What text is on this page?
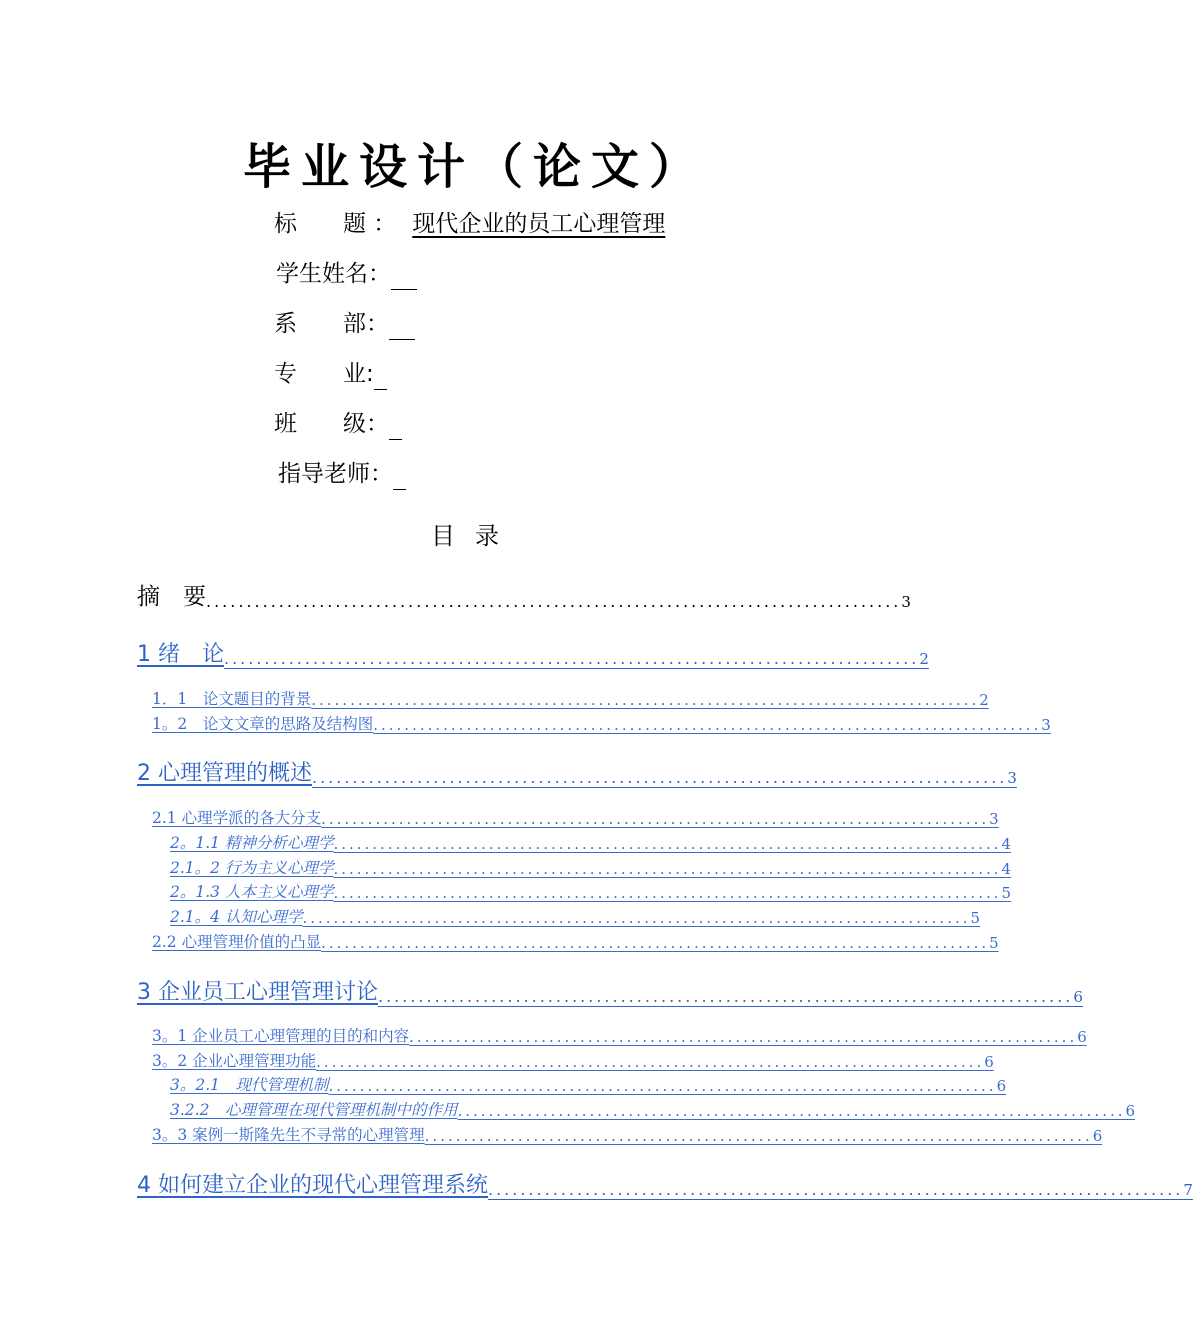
毕业设计（论文）
标　　题 ：现代企业的员工心理管理
学生姓名：
系　　部：
专　　业:
班　　级：
指导老师：
目录
摘　要 ...................................................................................... 3
1 绪　论 ...................................................................................... 2
1．1　论文题目的背景 ...................................................................................... 2
1。2　论文文章的思路及结构图 ...................................................................................... 3
2 心理管理的概述 ...................................................................................... 3
2.1 心理学派的各大分支 ...................................................................................... 3
2。1.1 精神分析心理学 ...................................................................................... 4
2.1。2 行为主义心理学 ...................................................................................... 4
2。1.3 人本主义心理学 ...................................................................................... 5
2.1。4 认知心理学 ...................................................................................... 5
2.2 心理管理价值的凸显 ...................................................................................... 5
3 企业员工心理管理讨论 ...................................................................................... 6
3。1 企业员工心理管理的目的和内容 ...................................................................................... 6
3。2 企业心理管理功能 ...................................................................................... 6
3。2.1　现代管理机制 ...................................................................................... 6
3.2.2　心理管理在现代管理机制中的作用 ...................................................................................... 6
3。3 案例一斯隆先生不寻常的心理管理 ...................................................................................... 6
4 如何建立企业的现代心理管理系统 ...................................................................................... 7
